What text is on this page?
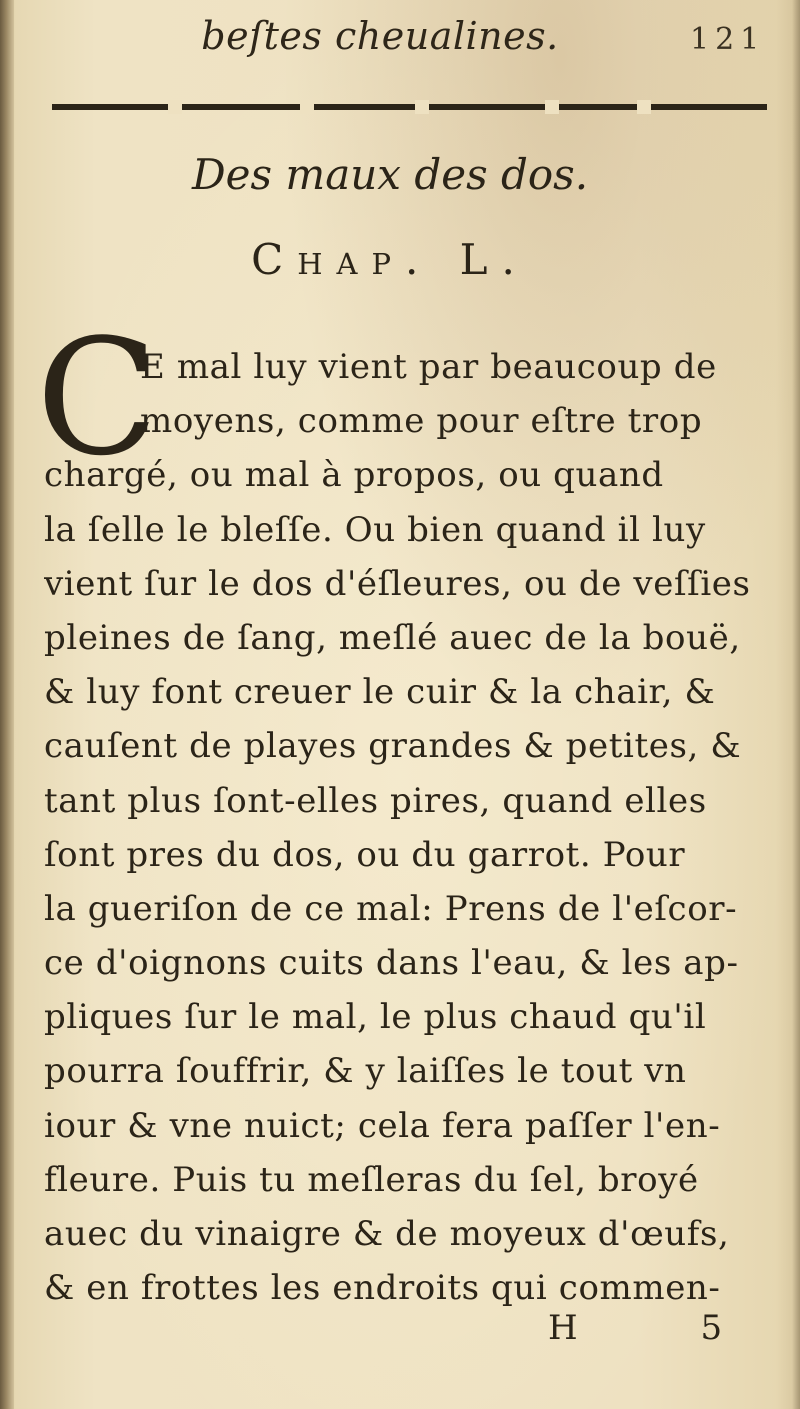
beſtes cheualines.	121
Des maux des dos.
Chap. L.
C
E mal luy vient par beaucoup de
moyens, comme pour eſtre trop
chargé, ou mal à propos, ou quand
la ſelle le bleſſe. Ou bien quand il luy
vient ſur le dos d'éſleures, ou de veſſies
pleines de ſang, meſlé auec de la bouë,
& luy font creuer le cuir & la chair, &
cauſent de playes grandes & petites, &
tant plus ſont-elles pires, quand elles
ſont pres du dos, ou du garrot. Pour
la gueriſon de ce mal: Prens de l'eſcor-
ce d'oignons cuits dans l'eau, & les ap-
pliques ſur le mal, le plus chaud qu'il
pourra ſouffrir, & y laiſſes le tout vn
iour & vne nuict; cela fera paſſer l'en-
fleure. Puis tu meſleras du ſel, broyé
auec du vinaigre & de moyeux d'œufs,
& en frottes les endroits qui commen-
H 5
